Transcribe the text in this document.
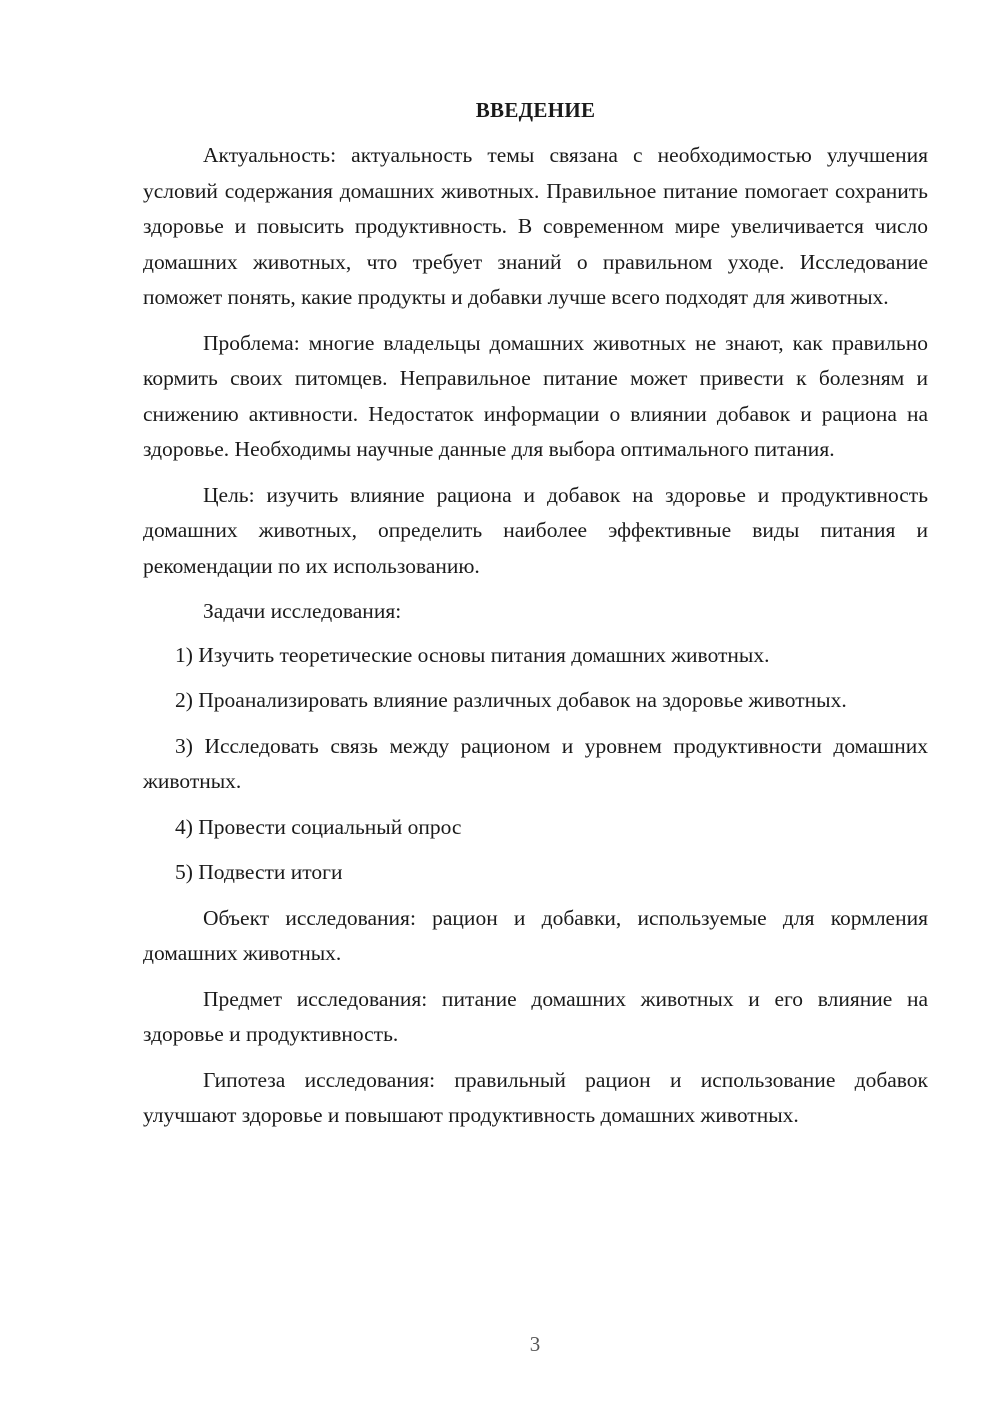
ВВЕДЕНИЕ

Актуальность: актуальность темы связана с необходимостью улучшения условий содержания домашних животных. Правильное питание помогает сохранить здоровье и повысить продуктивность. В современном мире увеличивается число домашних животных, что требует знаний о правильном уходе. Исследование поможет понять, какие продукты и добавки лучше всего подходят для животных.

Проблема: многие владельцы домашних животных не знают, как правильно кормить своих питомцев. Неправильное питание может привести к болезням и снижению активности. Недостаток информации о влиянии добавок и рациона на здоровье. Необходимы научные данные для выбора оптимального питания.

Цель: изучить влияние рациона и добавок на здоровье и продуктивность домашних животных, определить наиболее эффективные виды питания и рекомендации по их использованию.

Задачи исследования:

1) Изучить теоретические основы питания домашних животных.

2) Проанализировать влияние различных добавок на здоровье животных.

3) Исследовать связь между рационом и уровнем продуктивности домашних животных.

4) Провести социальный опрос

5) Подвести итоги

Объект исследования: рацион и добавки, используемые для кормления домашних животных.

Предмет исследования: питание домашних животных и его влияние на здоровье и продуктивность.

Гипотеза исследования: правильный рацион и использование добавок улучшают здоровье и повышают продуктивность домашних животных.

3
